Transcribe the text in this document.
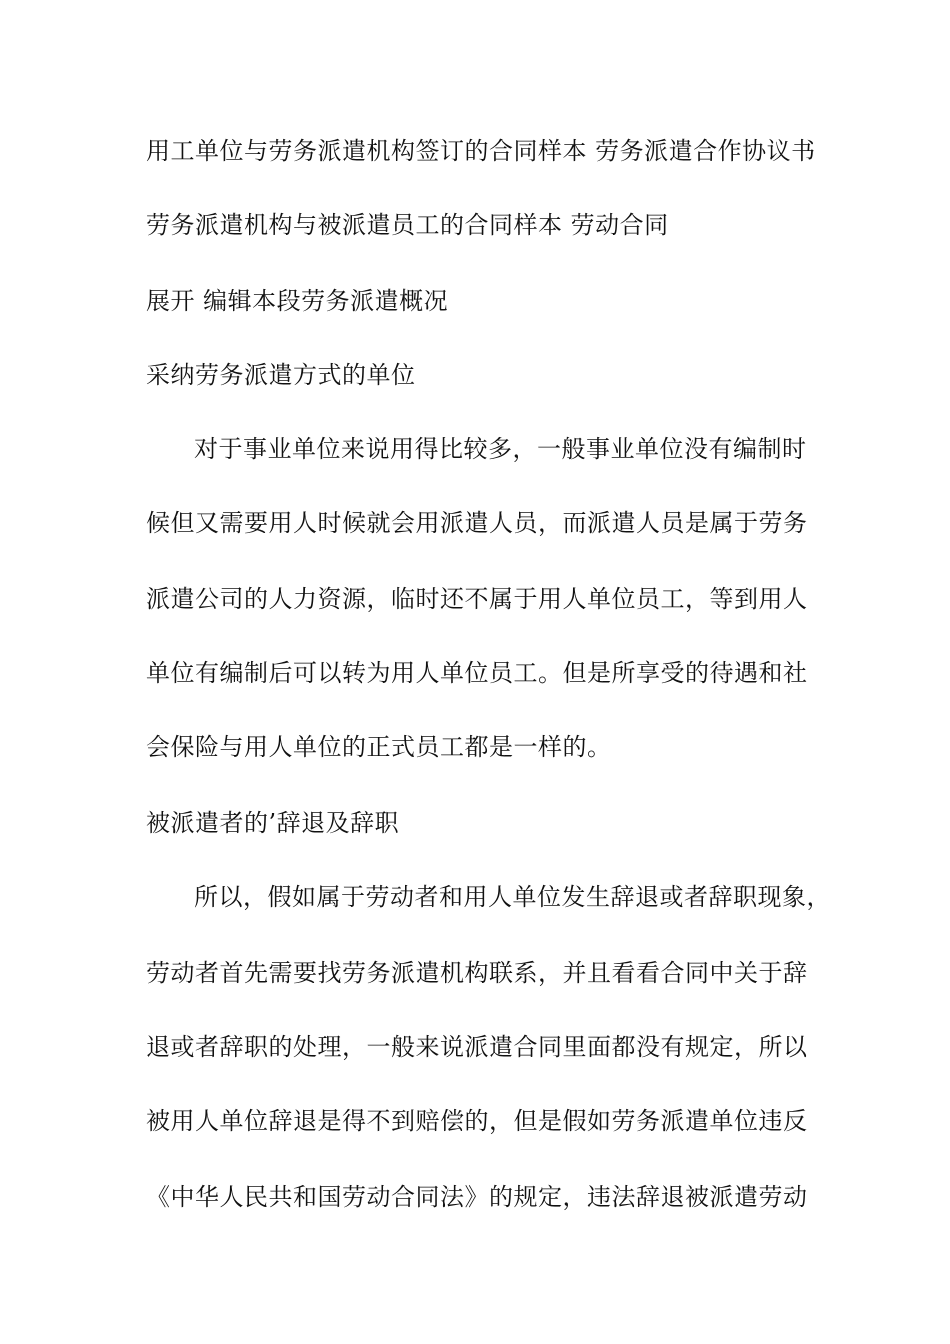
用工单位与劳务派遣机构签订的合同样本 劳务派遣合作协议书
劳务派遣机构与被派遣员工的合同样本 劳动合同
展开 编辑本段劳务派遣概况
采纳劳务派遣方式的单位
对于事业单位来说用得比较多，一般事业单位没有编制时
候但又需要用人时候就会用派遣人员，而派遣人员是属于劳务
派遣公司的人力资源，临时还不属于用人单位员工，等到用人
单位有编制后可以转为用人单位员工。但是所享受的待遇和社
会保险与用人单位的正式员工都是一样的。
被派遣者的’辞退及辞职
所以，假如属于劳动者和用人单位发生辞退或者辞职现象，
劳动者首先需要找劳务派遣机构联系，并且看看合同中关于辞
退或者辞职的处理，一般来说派遣合同里面都没有规定，所以
被用人单位辞退是得不到赔偿的，但是假如劳务派遣单位违反
《中华人民共和国劳动合同法》的规定，违法辞退被派遣劳动
